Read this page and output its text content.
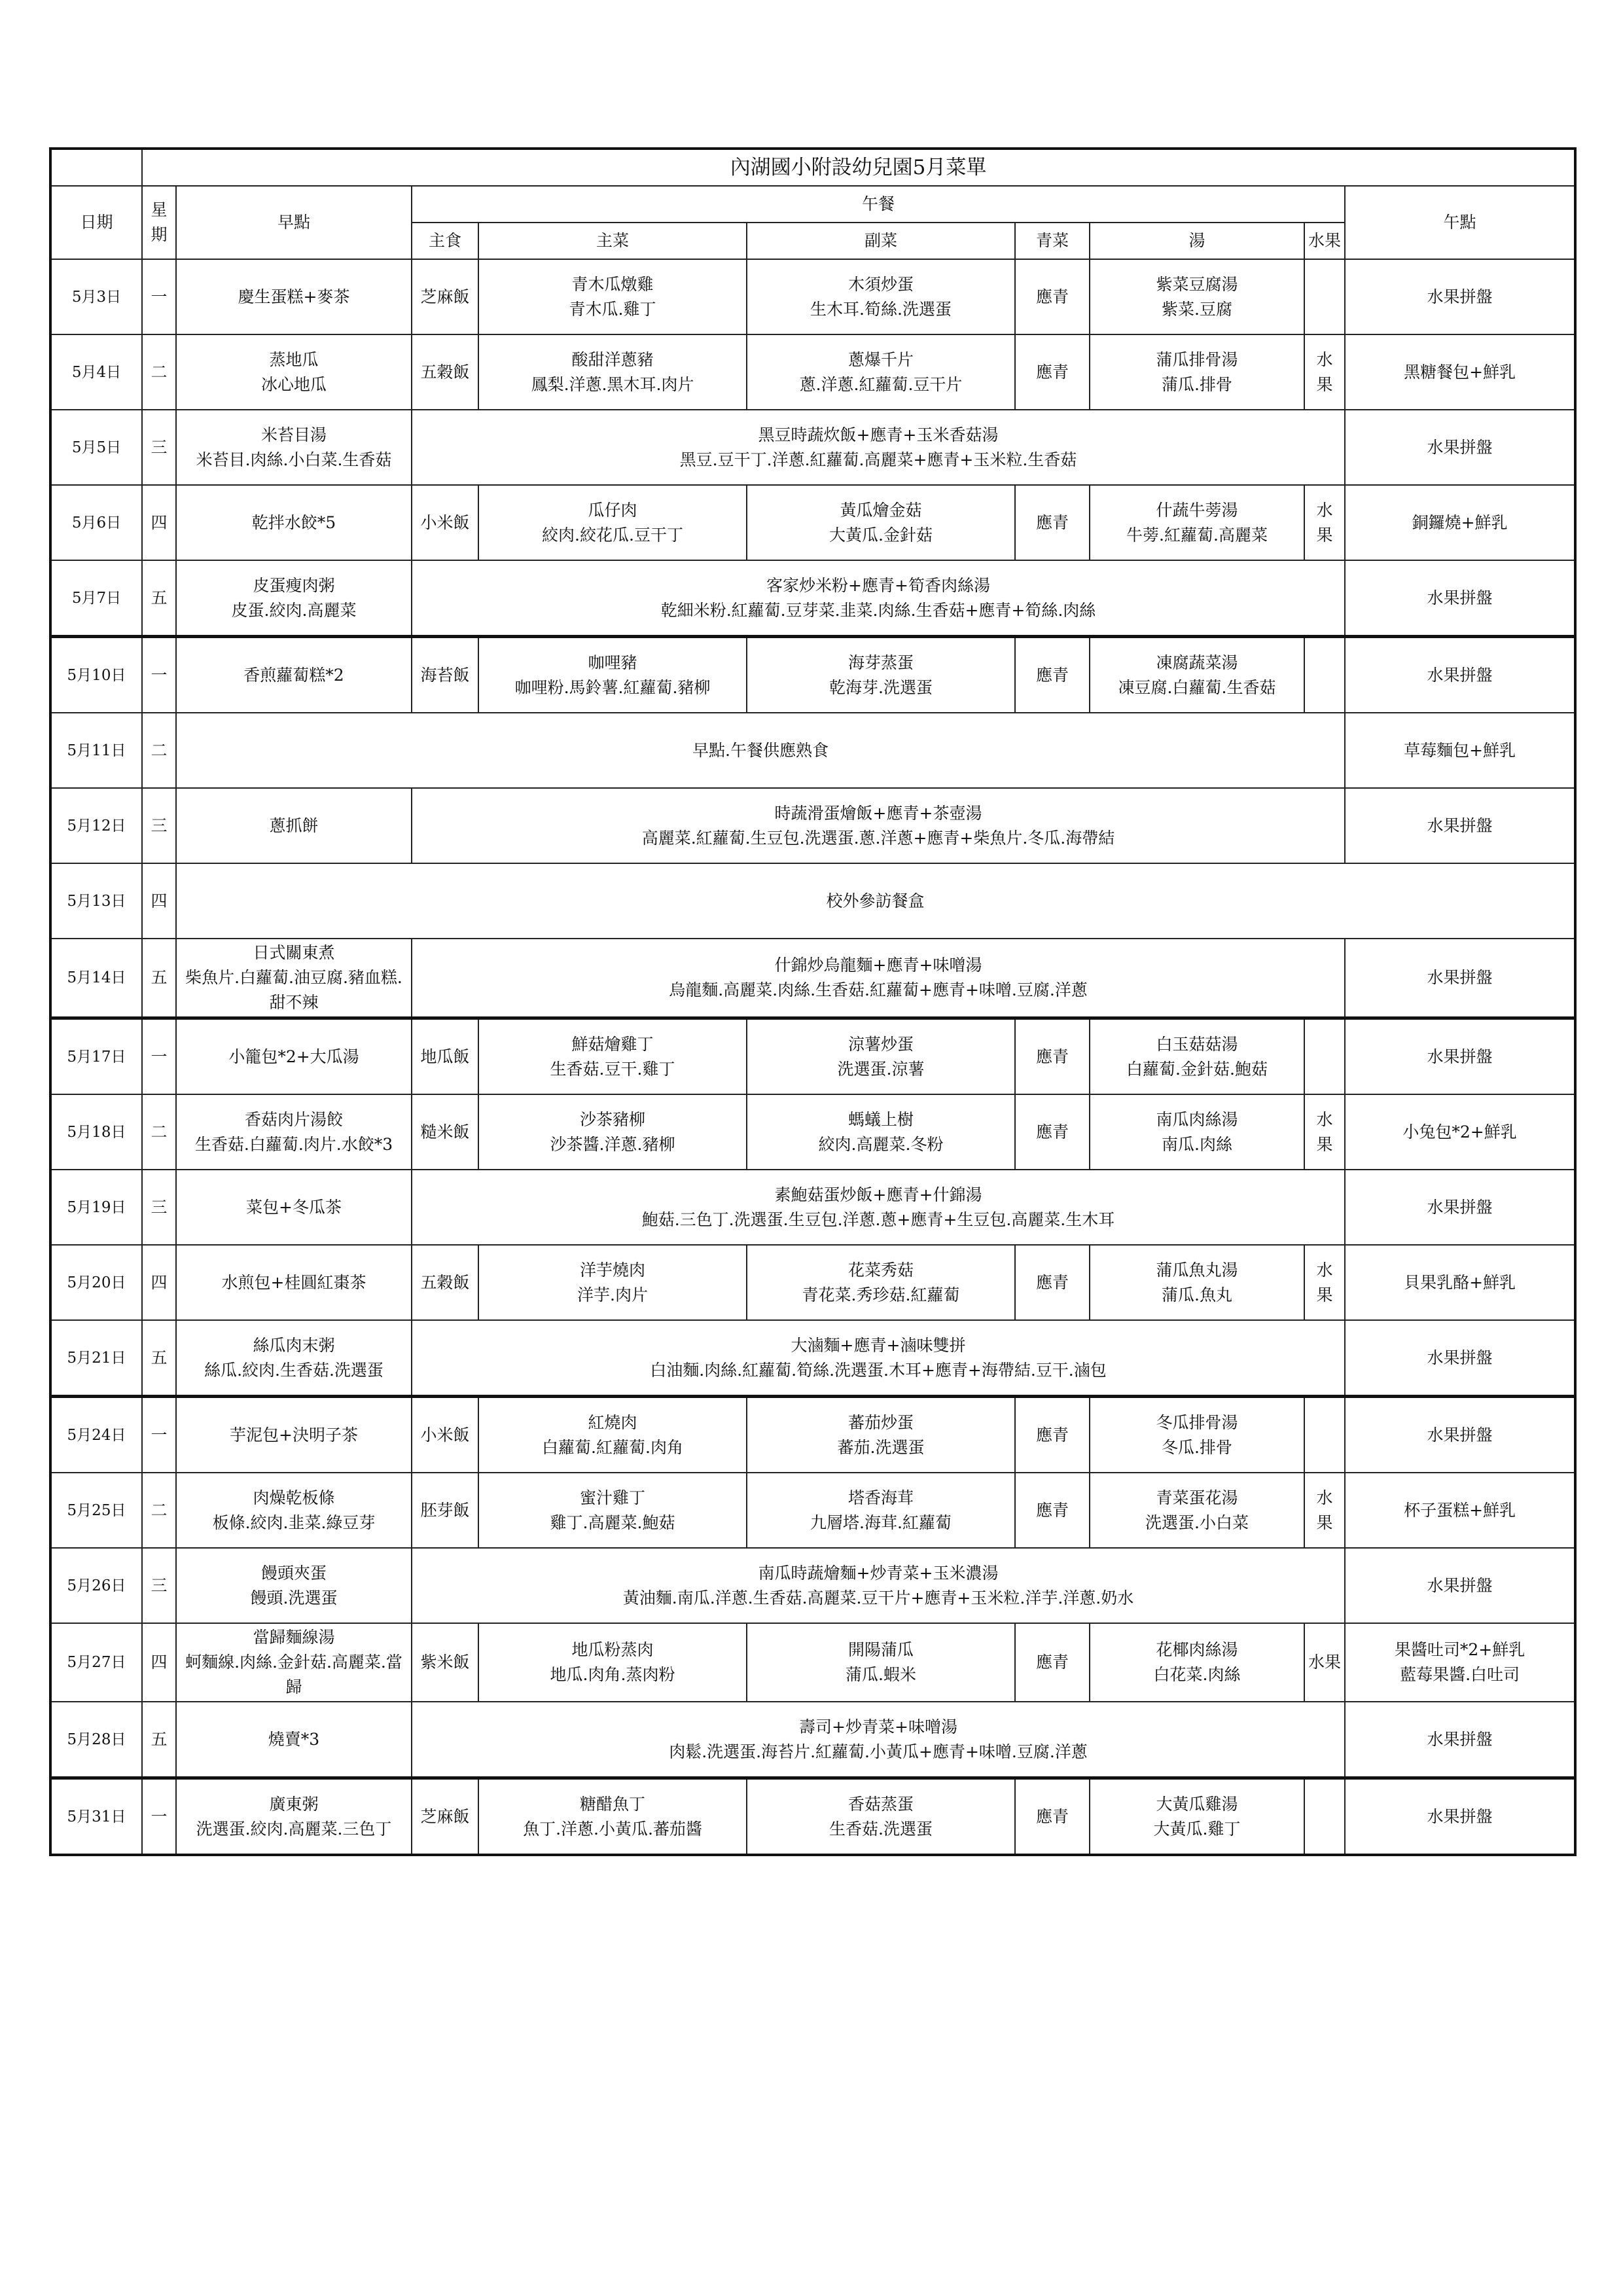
	內湖國小附設幼兒園5月菜單								
日期	星期	早點	午餐						午點
			主食	主菜	副菜	青菜	湯	水果	
5月3日	一	慶生蛋糕+麥茶	芝麻飯	青木瓜燉雞
青木瓜.雞丁	木須炒蛋
生木耳.筍絲.洗選蛋	應青	紫菜豆腐湯
紫菜.豆腐		水果拼盤

5月4日	二	蒸地瓜
冰心地瓜	五穀飯	酸甜洋蔥豬
鳳梨.洋蔥.黑木耳.肉片	蔥爆千片
蔥.洋蔥.紅蘿蔔.豆干片	應青	蒲瓜排骨湯
蒲瓜.排骨	水
果	黑糖餐包+鮮乳

5月5日	三	米苔目湯
米苔目.肉絲.小白菜.生香菇	黑豆時蔬炊飯+應青+玉米香菇湯
黑豆.豆干丁.洋蔥.紅蘿蔔.高麗菜+應青+玉米粒.生香菇						水果拼盤

5月6日	四	乾拌水餃*5	小米飯	瓜仔肉
絞肉.絞花瓜.豆干丁	黃瓜燴金菇
大黃瓜.金針菇	應青	什蔬牛蒡湯
牛蒡.紅蘿蔔.高麗菜	水
果	銅鑼燒+鮮乳

5月7日	五	皮蛋瘦肉粥
皮蛋.絞肉.高麗菜	客家炒米粉+應青+筍香肉絲湯
乾細米粉.紅蘿蔔.豆芽菜.韭菜.肉絲.生香菇+應青+筍絲.肉絲						水果拼盤

5月10日	一	香煎蘿蔔糕*2	海苔飯	咖哩豬
咖哩粉.馬鈴薯.紅蘿蔔.豬柳	海芽蒸蛋
乾海芽.洗選蛋	應青	凍腐蔬菜湯
凍豆腐.白蘿蔔.生香菇		水果拼盤

5月11日	二	早點.午餐供應熟食							草莓麵包+鮮乳

5月12日	三	蔥抓餅	時蔬滑蛋燴飯+應青+茶壺湯
高麗菜.紅蘿蔔.生豆包.洗選蛋.蔥.洋蔥+應青+柴魚片.冬瓜.海帶結						水果拼盤

5月13日	四	校外參訪餐盒							

5月14日	五	日式關東煮
柴魚片.白蘿蔔.油豆腐.豬血糕.甜不辣	什錦炒烏龍麵+應青+味噌湯
烏龍麵.高麗菜.肉絲.生香菇.紅蘿蔔+應青+味噌.豆腐.洋蔥						水果拼盤

5月17日	一	小籠包*2+大瓜湯	地瓜飯	鮮菇燴雞丁
生香菇.豆干.雞丁	涼薯炒蛋
洗選蛋.涼薯	應青	白玉菇菇湯
白蘿蔔.金針菇.鮑菇		水果拼盤

5月18日	二	香菇肉片湯餃
生香菇.白蘿蔔.肉片.水餃*3	糙米飯	沙茶豬柳
沙茶醬.洋蔥.豬柳	螞蟻上樹
絞肉.高麗菜.冬粉	應青	南瓜肉絲湯
南瓜.肉絲	水
果	小兔包*2+鮮乳

5月19日	三	菜包+冬瓜茶	素鮑菇蛋炒飯+應青+什錦湯
鮑菇.三色丁.洗選蛋.生豆包.洋蔥.蔥+應青+生豆包.高麗菜.生木耳						水果拼盤

5月20日	四	水煎包+桂圓紅棗茶	五穀飯	洋芋燒肉
洋芋.肉片	花菜秀菇
青花菜.秀珍菇.紅蘿蔔	應青	蒲瓜魚丸湯
蒲瓜.魚丸	水
果	貝果乳酪+鮮乳

5月21日	五	絲瓜肉末粥
絲瓜.絞肉.生香菇.洗選蛋	大滷麵+應青+滷味雙拼
白油麵.肉絲.紅蘿蔔.筍絲.洗選蛋.木耳+應青+海帶結.豆干.滷包						水果拼盤

5月24日	一	芋泥包+決明子茶	小米飯	紅燒肉
白蘿蔔.紅蘿蔔.肉角	蕃茄炒蛋
蕃茄.洗選蛋	應青	冬瓜排骨湯
冬瓜.排骨		水果拼盤

5月25日	二	肉燥乾板條
板條.絞肉.韭菜.綠豆芽	胚芽飯	蜜汁雞丁
雞丁.高麗菜.鮑菇	塔香海茸
九層塔.海茸.紅蘿蔔	應青	青菜蛋花湯
洗選蛋.小白菜	水
果	杯子蛋糕+鮮乳

5月26日	三	饅頭夾蛋
饅頭.洗選蛋	南瓜時蔬燴麵+炒青菜+玉米濃湯
黃油麵.南瓜.洋蔥.生香菇.高麗菜.豆干片+應青+玉米粒.洋芋.洋蔥.奶水						水果拼盤

5月27日	四	當歸麵線湯
蚵麵線.肉絲.金針菇.高麗菜.當歸	紫米飯	地瓜粉蒸肉
地瓜.肉角.蒸肉粉	開陽蒲瓜
蒲瓜.蝦米	應青	花椰肉絲湯
白花菜.肉絲	水果	果醬吐司*2+鮮乳
藍莓果醬.白吐司

5月28日	五	燒賣*3	壽司+炒青菜+味噌湯
肉鬆.洗選蛋.海苔片.紅蘿蔔.小黃瓜+應青+味噌.豆腐.洋蔥						水果拼盤

5月31日	一	廣東粥
洗選蛋.絞肉.高麗菜.三色丁	芝麻飯	糖醋魚丁
魚丁.洋蔥.小黃瓜.蕃茄醬	香菇蒸蛋
生香菇.洗選蛋	應青	大黃瓜雞湯
大黃瓜.雞丁		水果拼盤
